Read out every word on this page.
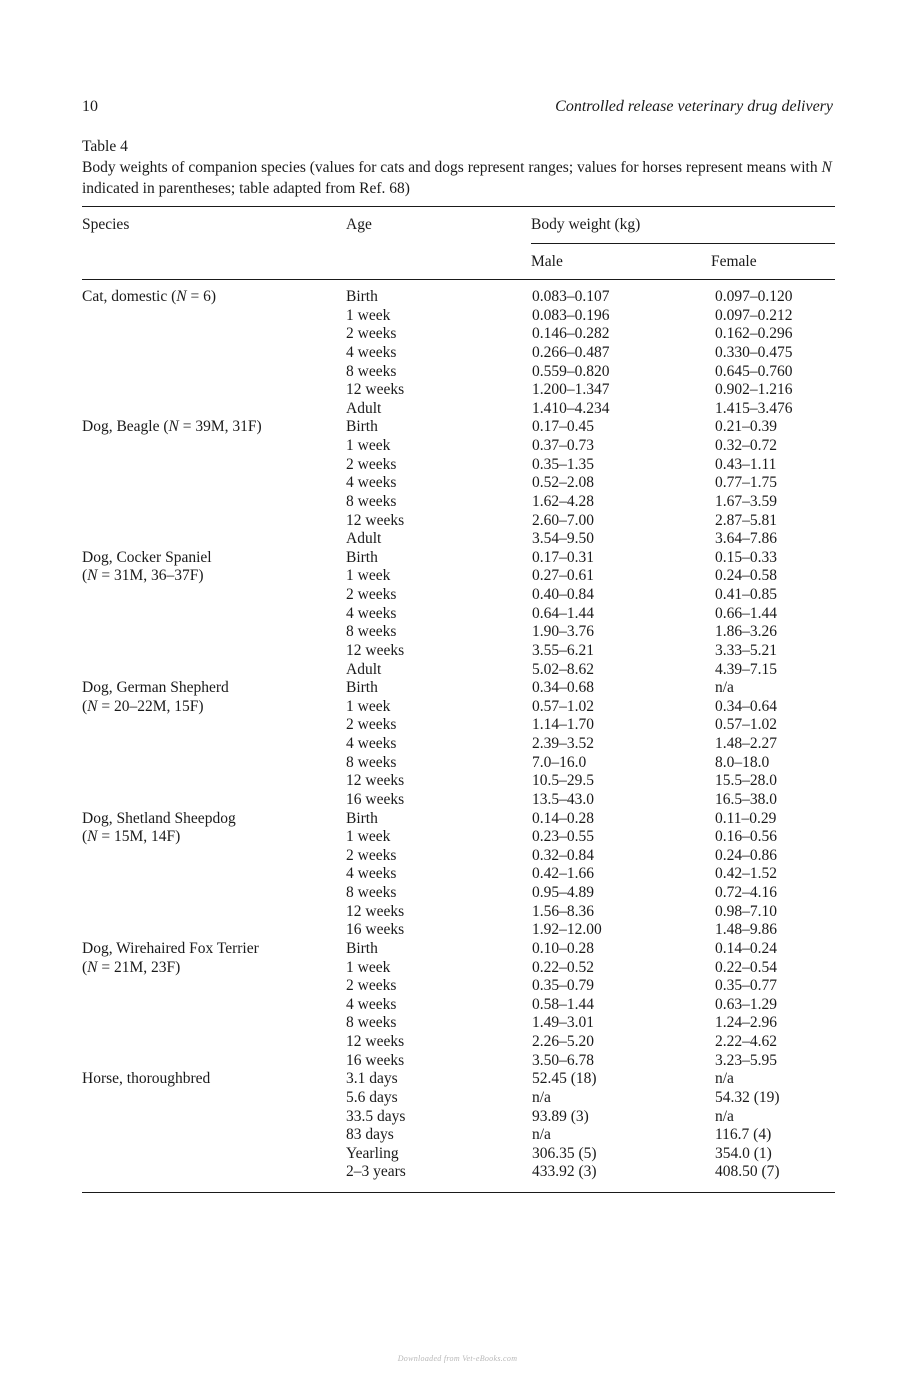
10	Controlled release veterinary drug delivery
Table 4
Body weights of companion species (values for cats and dogs represent ranges; values for horses represent means with N indicated in parentheses; table adapted from Ref. 68)
Species	Age	Body weight (kg)
Male	Female
Cat, domestic (N = 6)	Birth	0.083–0.107	0.097–0.120
	1 week	0.083–0.196	0.097–0.212
	2 weeks	0.146–0.282	0.162–0.296
	4 weeks	0.266–0.487	0.330–0.475
	8 weeks	0.559–0.820	0.645–0.760
	12 weeks	1.200–1.347	0.902–1.216
	Adult	1.410–4.234	1.415–3.476
Dog, Beagle (N = 39M, 31F)	Birth	0.17–0.45	0.21–0.39
	1 week	0.37–0.73	0.32–0.72
	2 weeks	0.35–1.35	0.43–1.11
	4 weeks	0.52–2.08	0.77–1.75
	8 weeks	1.62–4.28	1.67–3.59
	12 weeks	2.60–7.00	2.87–5.81
	Adult	3.54–9.50	3.64–7.86
Dog, Cocker Spaniel	Birth	0.17–0.31	0.15–0.33
(N = 31M, 36–37F)	1 week	0.27–0.61	0.24–0.58
	2 weeks	0.40–0.84	0.41–0.85
	4 weeks	0.64–1.44	0.66–1.44
	8 weeks	1.90–3.76	1.86–3.26
	12 weeks	3.55–6.21	3.33–5.21
	Adult	5.02–8.62	4.39–7.15
Dog, German Shepherd	Birth	0.34–0.68	n/a
(N = 20–22M, 15F)	1 week	0.57–1.02	0.34–0.64
	2 weeks	1.14–1.70	0.57–1.02
	4 weeks	2.39–3.52	1.48–2.27
	8 weeks	7.0–16.0	8.0–18.0
	12 weeks	10.5–29.5	15.5–28.0
	16 weeks	13.5–43.0	16.5–38.0
Dog, Shetland Sheepdog	Birth	0.14–0.28	0.11–0.29
(N = 15M, 14F)	1 week	0.23–0.55	0.16–0.56
	2 weeks	0.32–0.84	0.24–0.86
	4 weeks	0.42–1.66	0.42–1.52
	8 weeks	0.95–4.89	0.72–4.16
	12 weeks	1.56–8.36	0.98–7.10
	16 weeks	1.92–12.00	1.48–9.86
Dog, Wirehaired Fox Terrier	Birth	0.10–0.28	0.14–0.24
(N = 21M, 23F)	1 week	0.22–0.52	0.22–0.54
	2 weeks	0.35–0.79	0.35–0.77
	4 weeks	0.58–1.44	0.63–1.29
	8 weeks	1.49–3.01	1.24–2.96
	12 weeks	2.26–5.20	2.22–4.62
	16 weeks	3.50–6.78	3.23–5.95
Horse, thoroughbred	3.1 days	52.45 (18)	n/a
	5.6 days	n/a	54.32 (19)
	33.5 days	93.89 (3)	n/a
	83 days	n/a	116.7 (4)
	Yearling	306.35 (5)	354.0 (1)
	2–3 years	433.92 (3)	408.50 (7)
Downloaded from Vet-eBooks.com
